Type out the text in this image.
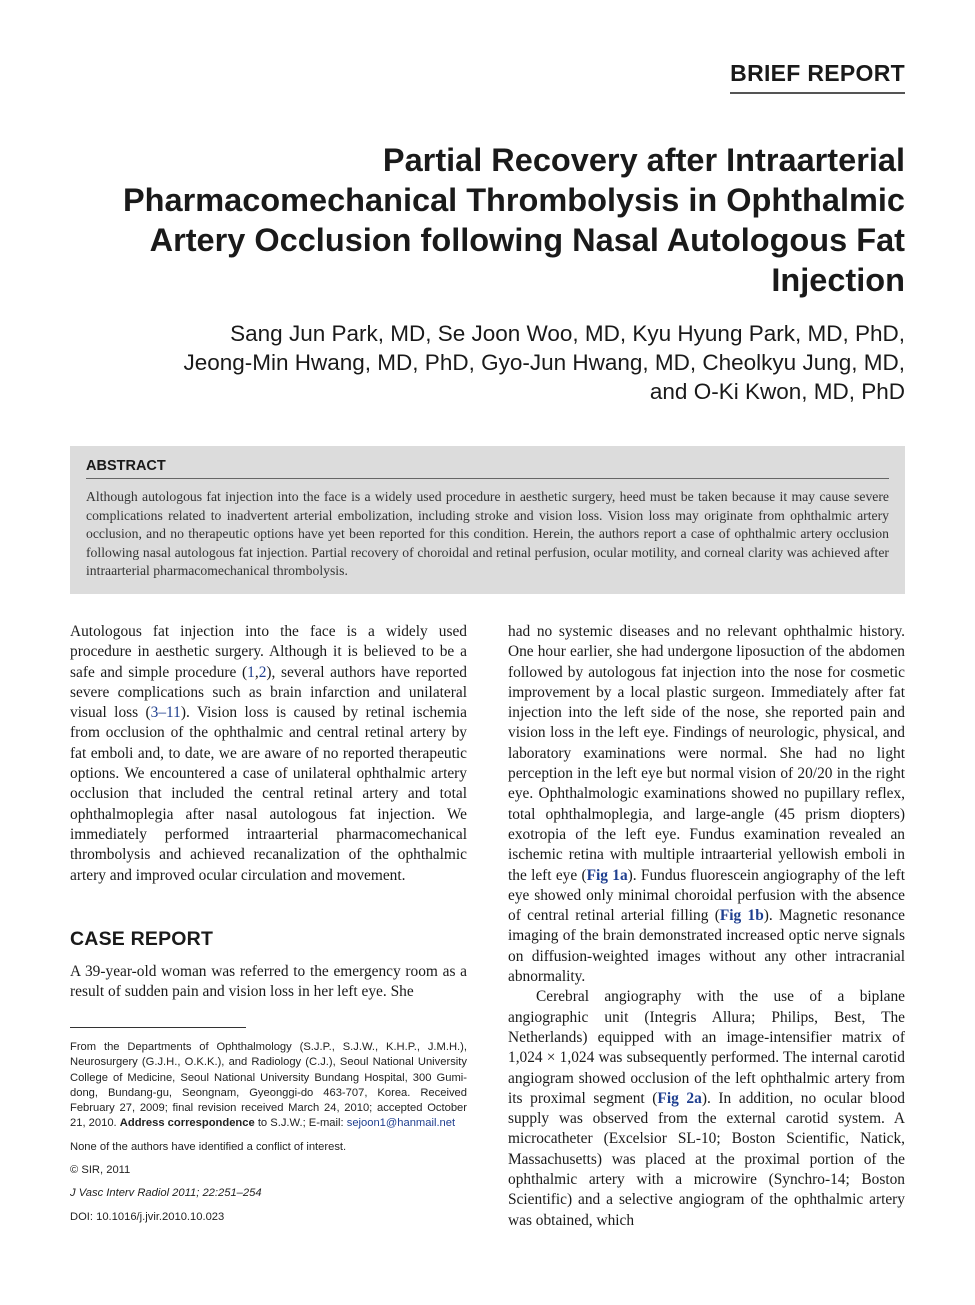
BRIEF REPORT
Partial Recovery after Intraarterial Pharmacomechanical Thrombolysis in Ophthalmic Artery Occlusion following Nasal Autologous Fat Injection
Sang Jun Park, MD, Se Joon Woo, MD, Kyu Hyung Park, MD, PhD,
Jeong-Min Hwang, MD, PhD, Gyo-Jun Hwang, MD, Cheolkyu Jung, MD,
and O-Ki Kwon, MD, PhD
ABSTRACT
Although autologous fat injection into the face is a widely used procedure in aesthetic surgery, heed must be taken because it may cause severe complications related to inadvertent arterial embolization, including stroke and vision loss. Vision loss may originate from ophthalmic artery occlusion, and no therapeutic options have yet been reported for this condition. Herein, the authors report a case of ophthalmic artery occlusion following nasal autologous fat injection. Partial recovery of choroidal and retinal perfusion, ocular motility, and corneal clarity was achieved after intraarterial pharmacomechanical thrombolysis.

Autologous fat injection into the face is a widely used procedure in aesthetic surgery. Although it is believed to be a safe and simple procedure (1,2), several authors have reported severe complications such as brain infarction and unilateral visual loss (3–11). Vision loss is caused by retinal ischemia from occlusion of the ophthalmic and central retinal artery by fat emboli and, to date, we are aware of no reported therapeutic options. We encountered a case of unilateral ophthalmic artery occlusion that included the central retinal artery and total ophthalmoplegia after nasal autologous fat injection. We immediately performed intraarterial pharmacomechanical thrombolysis and achieved recanalization of the ophthalmic artery and improved ocular circulation and movement.

CASE REPORT

A 39-year-old woman was referred to the emergency room as a result of sudden pain and vision loss in her left eye. She

From the Departments of Ophthalmology (S.J.P., S.J.W., K.H.P., J.M.H.), Neurosurgery (G.J.H., O.K.K.), and Radiology (C.J.), Seoul National University College of Medicine, Seoul National University Bundang Hospital, 300 Gumi-dong, Bundang-gu, Seongnam, Gyeonggi-do 463-707, Korea. Received February 27, 2009; final revision received March 24, 2010; accepted October 21, 2010. Address correspondence to S.J.W.; E-mail: sejoon1@hanmail.net

None of the authors have identified a conflict of interest.

© SIR, 2011

J Vasc Interv Radiol 2011; 22:251–254

DOI: 10.1016/j.jvir.2010.10.023

had no systemic diseases and no relevant ophthalmic history. One hour earlier, she had undergone liposuction of the abdomen followed by autologous fat injection into the nose for cosmetic improvement by a local plastic surgeon. Immediately after fat injection into the left side of the nose, she reported pain and vision loss in the left eye. Findings of neurologic, physical, and laboratory examinations were normal. She had no light perception in the left eye but normal vision of 20/20 in the right eye. Ophthalmologic examinations showed no pupillary reflex, total ophthalmoplegia, and large-angle (45 prism diopters) exotropia of the left eye. Fundus examination revealed an ischemic retina with multiple intraarterial yellowish emboli in the left eye (Fig 1a). Fundus fluorescein angiography of the left eye showed only minimal choroidal perfusion with the absence of central retinal arterial filling (Fig 1b). Magnetic resonance imaging of the brain demonstrated increased optic nerve signals on diffusion-weighted images without any other intracranial abnormality.

Cerebral angiography with the use of a biplane angiographic unit (Integris Allura; Philips, Best, The Netherlands) equipped with an image-intensifier matrix of 1,024 × 1,024 was subsequently performed. The internal carotid angiogram showed occlusion of the left ophthalmic artery from its proximal segment (Fig 2a). In addition, no ocular blood supply was observed from the external carotid system. A microcatheter (Excelsior SL-10; Boston Scientific, Natick, Massachusetts) was placed at the proximal portion of the ophthalmic artery with a microwire (Synchro-14; Boston Scientific) and a selective angiogram of the ophthalmic artery was obtained, which
